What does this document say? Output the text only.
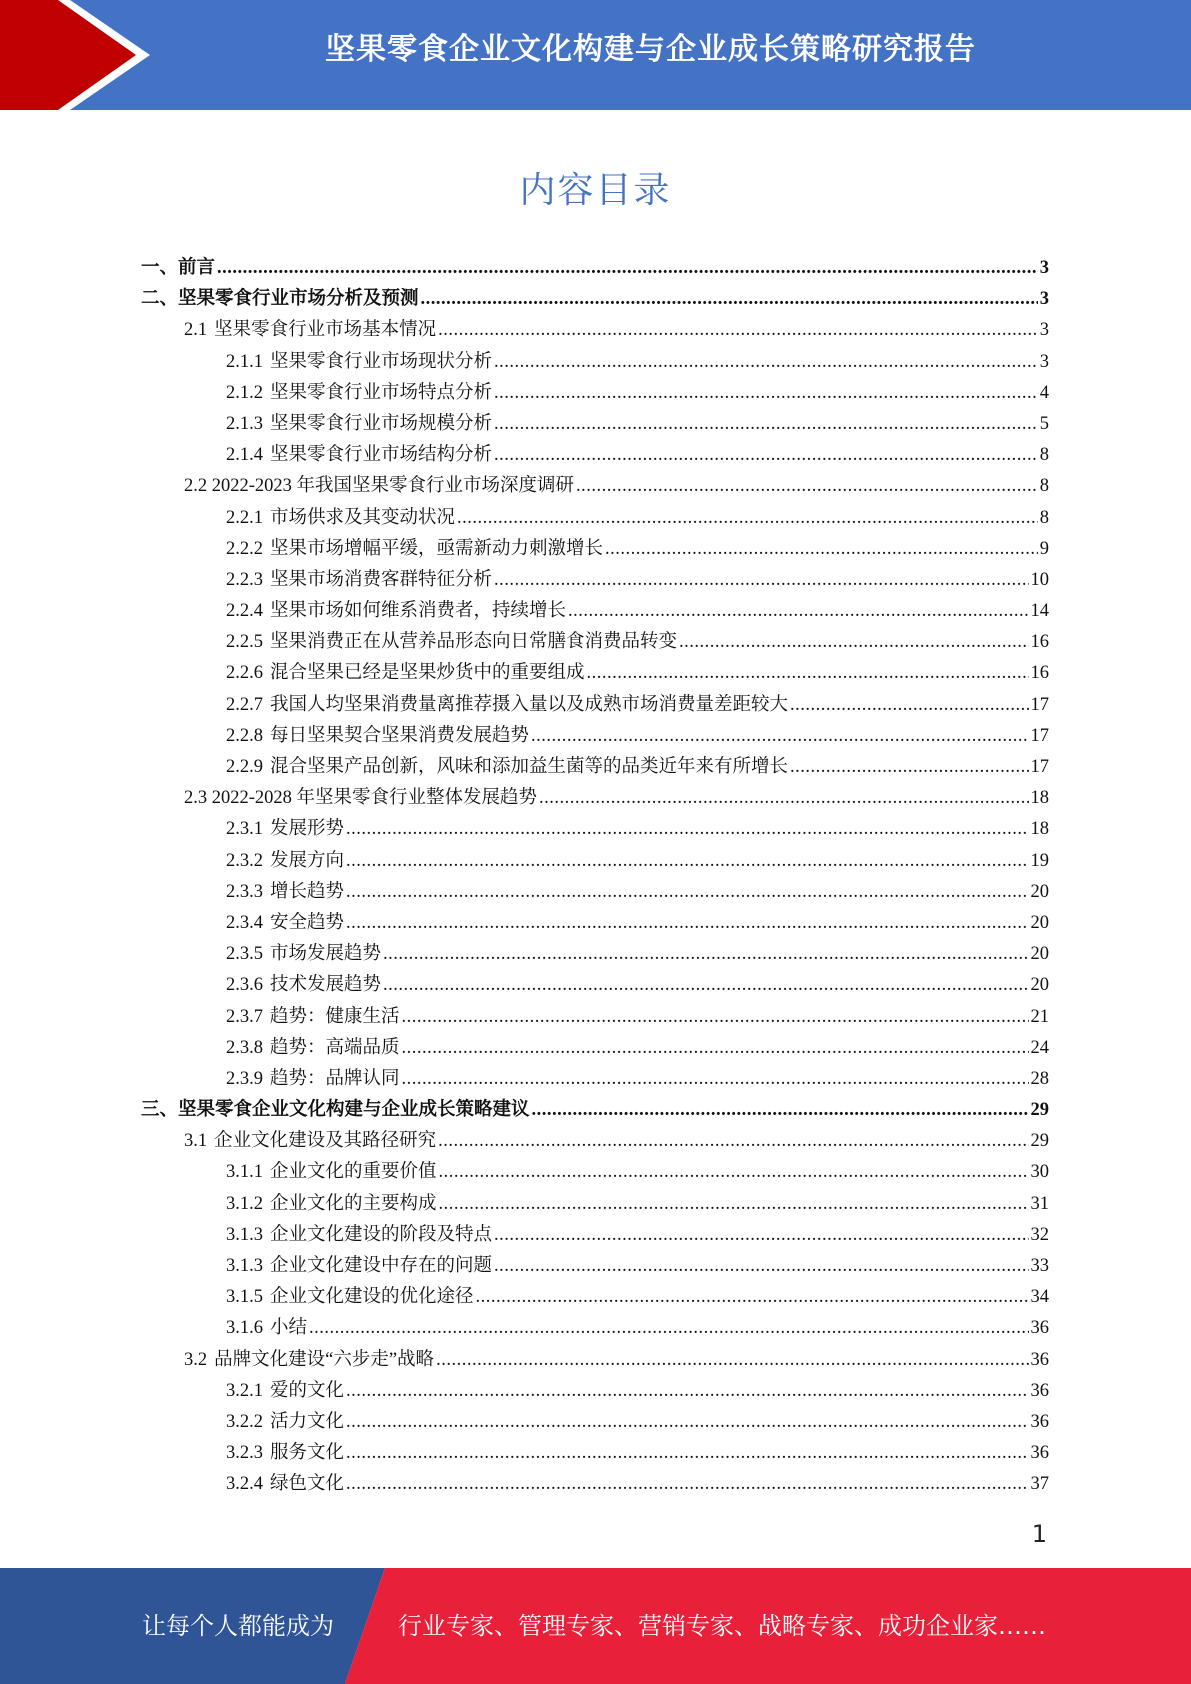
坚果零食企业文化构建与企业成长策略研究报告
内容目录
一、前言 .....	3
二、坚果零食行业市场分析及预测 .....	3
2.1 坚果零食行业市场基本情况 .....	3
2.1.1 坚果零食行业市场现状分析 .....	3
2.1.2 坚果零食行业市场特点分析 .....	4
2.1.3 坚果零食行业市场规模分析 .....	5
2.1.4 坚果零食行业市场结构分析 .....	8
2.2 2022-2023 年我国坚果零食行业市场深度调研 .....	8
2.2.1 市场供求及其变动状况 .....	8
2.2.2 坚果市场增幅平缓，亟需新动力刺激增长 .....	9
2.2.3 坚果市场消费客群特征分析 .....	10
2.2.4 坚果市场如何维系消费者，持续增长 .....	14
2.2.5 坚果消费正在从营养品形态向日常膳食消费品转变 .....	16
2.2.6 混合坚果已经是坚果炒货中的重要组成 .....	16
2.2.7 我国人均坚果消费量离推荐摄入量以及成熟市场消费量差距较大 .....	17
2.2.8 每日坚果契合坚果消费发展趋势 .....	17
2.2.9 混合坚果产品创新，风味和添加益生菌等的品类近年来有所增长 .....	17
2.3 2022-2028 年坚果零食行业整体发展趋势 .....	18
2.3.1 发展形势 .....	18
2.3.2 发展方向 .....	19
2.3.3 增长趋势 .....	20
2.3.4 安全趋势 .....	20
2.3.5 市场发展趋势 .....	20
2.3.6 技术发展趋势 .....	20
2.3.7 趋势：健康生活 .....	21
2.3.8 趋势：高端品质 .....	24
2.3.9 趋势：品牌认同 .....	28
三、坚果零食企业文化构建与企业成长策略建议 .....	29
3.1 企业文化建设及其路径研究 .....	29
3.1.1 企业文化的重要价值 .....	30
3.1.2 企业文化的主要构成 .....	31
3.1.3 企业文化建设的阶段及特点 .....	32
3.1.3 企业文化建设中存在的问题 .....	33
3.1.5 企业文化建设的优化途径 .....	34
3.1.6 小结 .....	36
3.2 品牌文化建设“六步走”战略 .....	36
3.2.1 爱的文化 .....	36
3.2.2 活力文化 .....	36
3.2.3 服务文化 .....	36
3.2.4 绿色文化 .....	37
1
让每个人都能成为	行业专家、管理专家、营销专家、战略专家、成功企业家……
